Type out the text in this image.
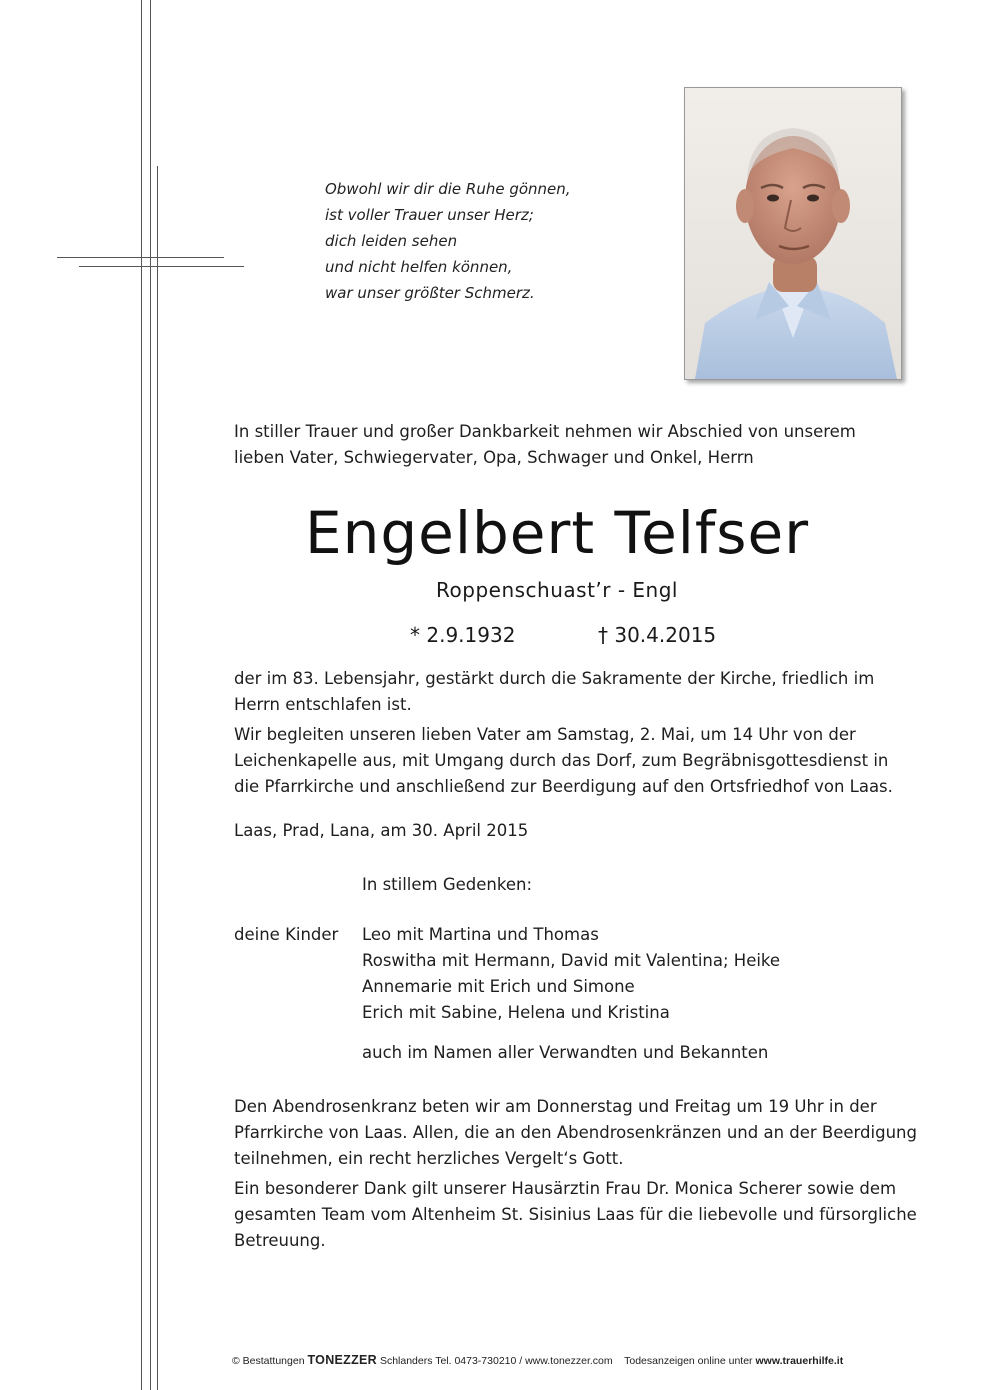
Obwohl wir dir die Ruhe gönnen,
ist voller Trauer unser Herz;
dich leiden sehen
und nicht helfen können,
war unser größter Schmerz.
In stiller Trauer und großer Dankbarkeit nehmen wir Abschied von unserem
lieben Vater, Schwiegervater, Opa, Schwager und Onkel, Herrn
Engelbert Telfser
Roppenschuast’r - Engl
* 2.9.1932	† 30.4.2015
der im 83. Lebensjahr, gestärkt durch die Sakramente der Kirche, friedlich im
Herrn entschlafen ist.
Wir begleiten unseren lieben Vater am Samstag, 2. Mai, um 14 Uhr von der
Leichenkapelle aus, mit Umgang durch das Dorf, zum Begräbnisgottesdienst in
die Pfarrkirche und anschließend zur Beerdigung auf den Ortsfriedhof von Laas.
Laas, Prad, Lana, am 30. April 2015
In stillem Gedenken:
deine Kinder Leo mit Martina und Thomas
Roswitha mit Hermann, David mit Valentina; Heike
Annemarie mit Erich und Simone
Erich mit Sabine, Helena und Kristina
auch im Namen aller Verwandten und Bekannten
Den Abendrosenkranz beten wir am Donnerstag und Freitag um 19 Uhr in der
Pfarrkirche von Laas. Allen, die an den Abendrosenkränzen und an der Beerdigung
teilnehmen, ein recht herzliches Vergelt‘s Gott.
Ein besonderer Dank gilt unserer Hausärztin Frau Dr. Monica Scherer sowie dem
gesamten Team vom Altenheim St. Sisinius Laas für die liebevolle und fürsorgliche
Betreuung.
© Bestattungen TONEZZER Schlanders Tel. 0473-730210 / www.tonezzer.com Todesanzeigen online unter www.trauerhilfe.it
